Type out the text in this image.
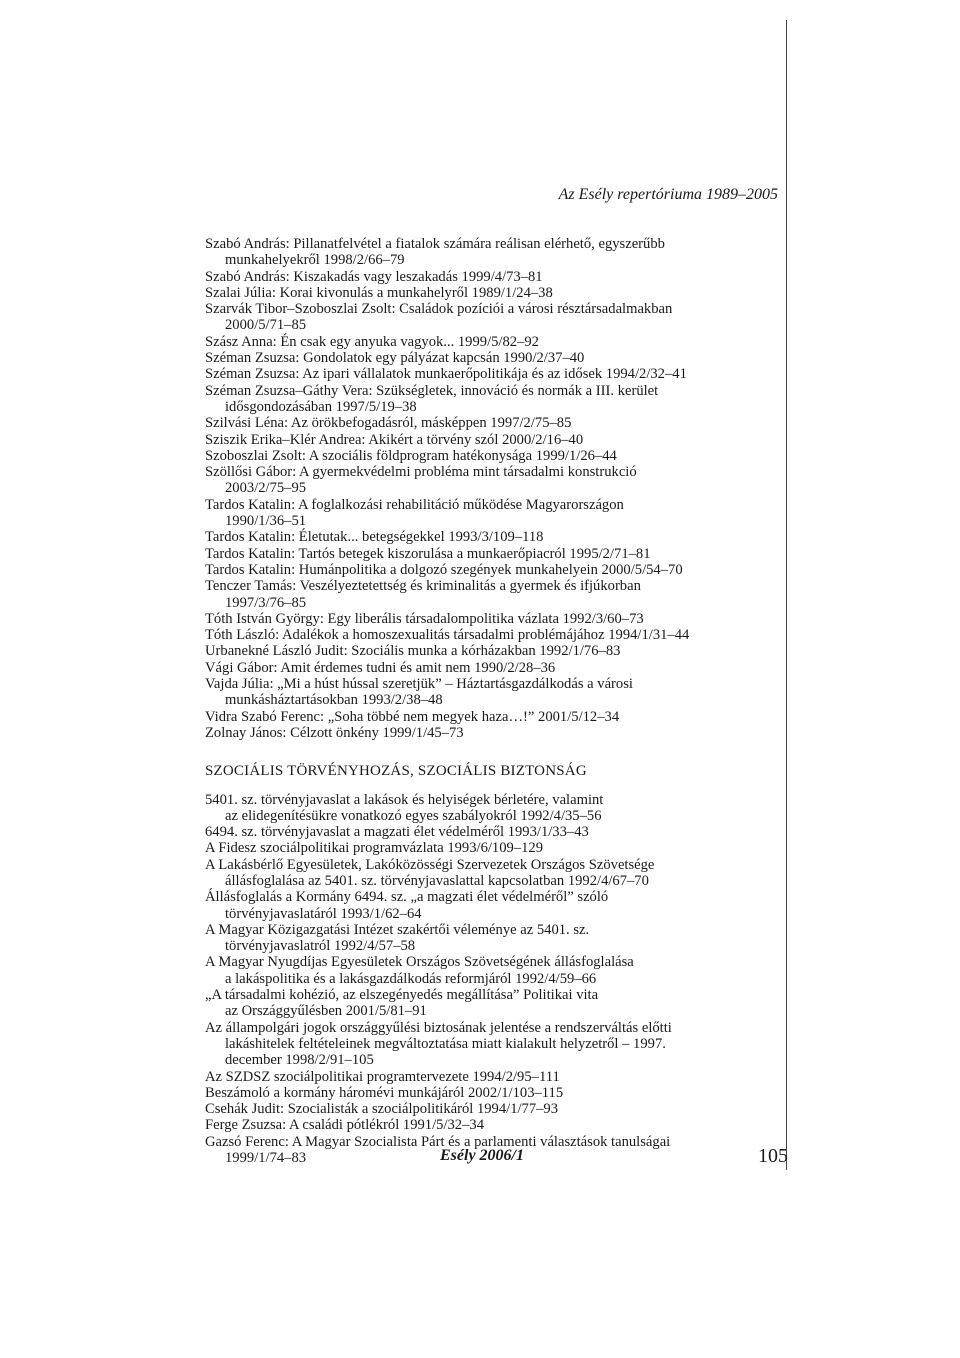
Az Esély repertóriuma 1989–2005
Szabó András: Pillanatfelvétel a fiatalok számára reálisan elérhető, egyszerűbb
munkahelyekről 1998/2/66–79
Szabó András: Kiszakadás vagy leszakadás 1999/4/73–81
Szalai Júlia: Korai kivonulás a munkahelyről 1989/1/24–38
Szarvák Tibor–Szoboszlai Zsolt: Családok pozíciói a városi résztársadalmakban
2000/5/71–85
Szász Anna: Én csak egy anyuka vagyok... 1999/5/82–92
Széman Zsuzsa: Gondolatok egy pályázat kapcsán 1990/2/37–40
Széman Zsuzsa: Az ipari vállalatok munkaerőpolitikája és az idősek 1994/2/32–41
Széman Zsuzsa–Gáthy Vera: Szükségletek, innováció és normák a III. kerület
idősgondozásában 1997/5/19–38
Szilvási Léna: Az örökbefogadásról, másképpen 1997/2/75–85
Sziszik Erika–Klér Andrea: Akikért a törvény szól 2000/2/16–40
Szoboszlai Zsolt: A szociális földprogram hatékonysága 1999/1/26–44
Szöllősi Gábor: A gyermekvédelmi probléma mint társadalmi konstrukció
2003/2/75–95
Tardos Katalin: A foglalkozási rehabilitáció működése Magyarországon
1990/1/36–51
Tardos Katalin: Életutak... betegségekkel 1993/3/109–118
Tardos Katalin: Tartós betegek kiszorulása a munkaerőpiacról 1995/2/71–81
Tardos Katalin: Humánpolitika a dolgozó szegények munkahelyein 2000/5/54–70
Tenczer Tamás: Veszélyeztetettség és kriminalitás a gyermek és ifjúkorban
1997/3/76–85
Tóth István György: Egy liberális társadalompolitika vázlata 1992/3/60–73
Tóth László: Adalékok a homoszexualitás társadalmi problémájához 1994/1/31–44
Urbanekné László Judit: Szociális munka a kórházakban 1992/1/76–83
Vági Gábor: Amit érdemes tudni és amit nem 1990/2/28–36
Vajda Júlia: „Mi a húst hússal szeretjük” – Háztartásgazdálkodás a városi
munkásháztartásokban 1993/2/38–48
Vidra Szabó Ferenc: „Soha többé nem megyek haza…!” 2001/5/12–34
Zolnay János: Célzott önkény 1999/1/45–73
SZOCIÁLIS TÖRVÉNYHOZÁS, SZOCIÁLIS BIZTONSÁG
5401. sz. törvényjavaslat a lakások és helyiségek bérletére, valamint
az elidegenítésükre vonatkozó egyes szabályokról 1992/4/35–56
6494. sz. törvényjavaslat a magzati élet védelméről 1993/1/33–43
A Fidesz szociálpolitikai programvázlata 1993/6/109–129
A Lakásbérlő Egyesületek, Lakóközösségi Szervezetek Országos Szövetsége
állásfoglalása az 5401. sz. törvényjavaslattal kapcsolatban 1992/4/67–70
Állásfoglalás a Kormány 6494. sz. „a magzati élet védelméről” szóló
törvényjavaslatáról 1993/1/62–64
A Magyar Közigazgatási Intézet szakértői véleménye az 5401. sz.
törvényjavaslatról 1992/4/57–58
A Magyar Nyugdíjas Egyesületek Országos Szövetségének állásfoglalása
a lakáspolitika és a lakásgazdálkodás reformjáról 1992/4/59–66
„A társadalmi kohézió, az elszegényedés megállítása” Politikai vita
az Országgyűlésben 2001/5/81–91
Az állampolgári jogok országgyűlési biztosának jelentése a rendszerváltás előtti
lakáshitelek feltételeinek megváltoztatása miatt kialakult helyzetről – 1997.
december 1998/2/91–105
Az SZDSZ szociálpolitikai programtervezete 1994/2/95–111
Beszámoló a kormány háromévi munkájáról 2002/1/103–115
Csehák Judit: Szocialisták a szociálpolitikáról 1994/1/77–93
Ferge Zsuzsa: A családi pótlékról 1991/5/32–34
Gazsó Ferenc: A Magyar Szocialista Párt és a parlamenti választások tanulságai
1999/1/74–83	Esély 2006/1	105
